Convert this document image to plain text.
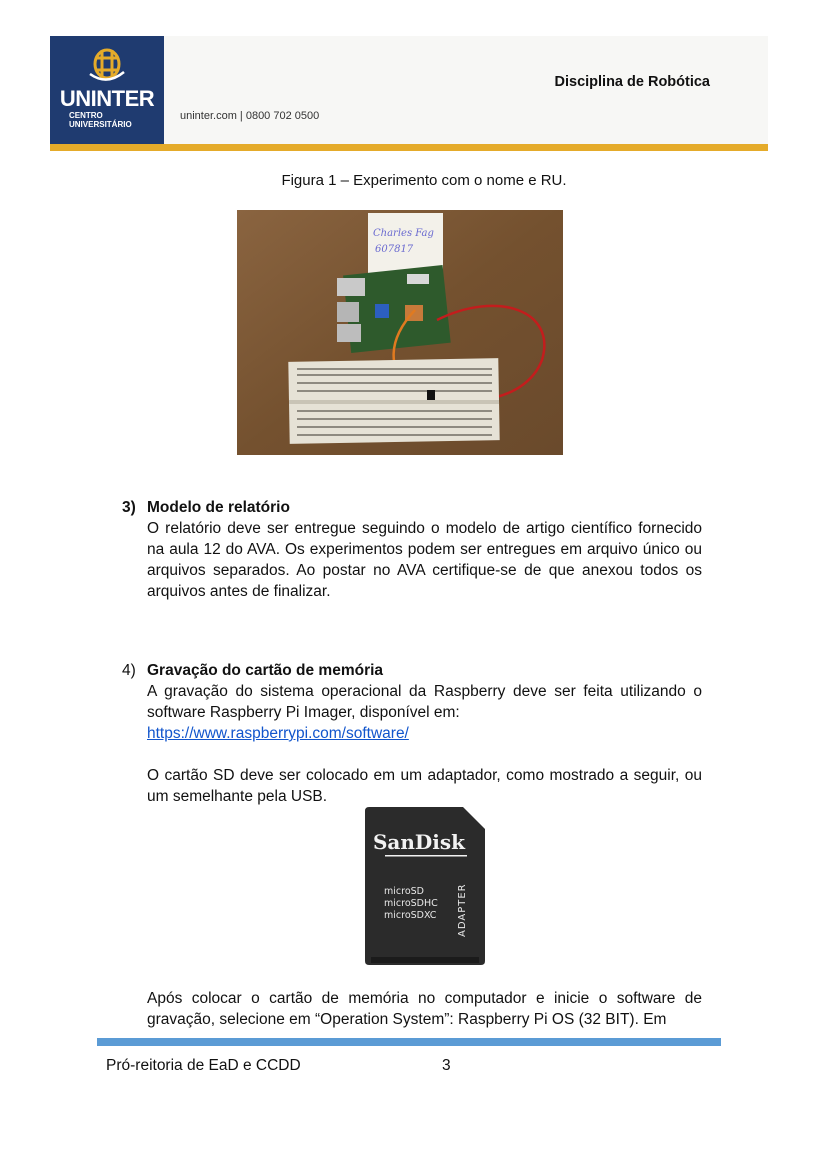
UNINTER
CENTRO
UNIVERSITÁRIO
uninter.com | 0800 702 0500
Disciplina de Robótica
Figura 1 – Experimento com o nome e RU.
Charles Fag
607817
3) Modelo de relatório
O relatório deve ser entregue seguindo o modelo de artigo científico fornecido na aula 12 do AVA. Os experimentos podem ser entregues em arquivo único ou arquivos separados. Ao postar no AVA certifique-se de que anexou todos os arquivos antes de finalizar.
4) Gravação do cartão de memória
A gravação do sistema operacional da Raspberry deve ser feita utilizando o software Raspberry Pi Imager, disponível em:
https://www.raspberrypi.com/software/
O cartão SD deve ser colocado em um adaptador, como mostrado a seguir, ou um semelhante pela USB.
SanDisk
microSD
microSDHC
microSDXC ADAPTER
Após colocar o cartão de memória no computador e inicie o software de gravação, selecione em “Operation System”: Raspberry Pi OS (32 BIT). Em
Pró-reitoria de EaD e CCDD	3
